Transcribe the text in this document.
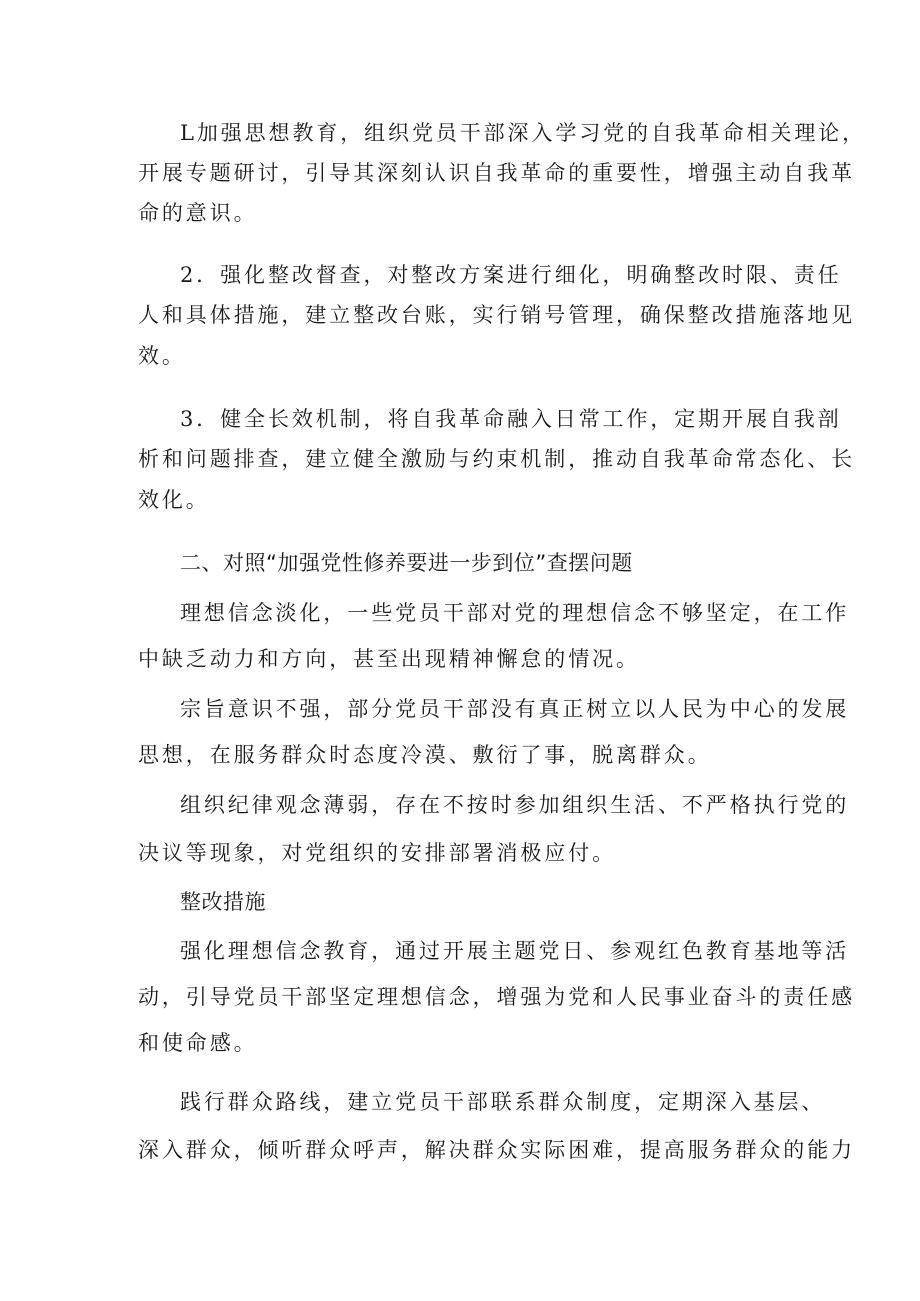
L加强思想教育，组织党员干部深入学习党的自我革命相关理论，
开展专题研讨，引导其深刻认识自我革命的重要性，增强主动自我革
命的意识。
2．强化整改督查，对整改方案进行细化，明确整改时限、责任
人和具体措施，建立整改台账，实行销号管理，确保整改措施落地见
效。
3．健全长效机制，将自我革命融入日常工作，定期开展自我剖
析和问题排查，建立健全激励与约束机制，推动自我革命常态化、长
效化。
二、对照“加强党性修养要进一步到位”查摆问题
理想信念淡化，一些党员干部对党的理想信念不够坚定，在工作
中缺乏动力和方向，甚至出现精神懈怠的情况。
宗旨意识不强，部分党员干部没有真正树立以人民为中心的发展
思想，在服务群众时态度冷漠、敷衍了事，脱离群众。
组织纪律观念薄弱，存在不按时参加组织生活、不严格执行党的
决议等现象，对党组织的安排部署消极应付。
整改措施
强化理想信念教育，通过开展主题党日、参观红色教育基地等活
动，引导党员干部坚定理想信念，增强为党和人民事业奋斗的责任感
和使命感。
践行群众路线，建立党员干部联系群众制度，定期深入基层、
深入群众，倾听群众呼声，解决群众实际困难，提高服务群众的能力
